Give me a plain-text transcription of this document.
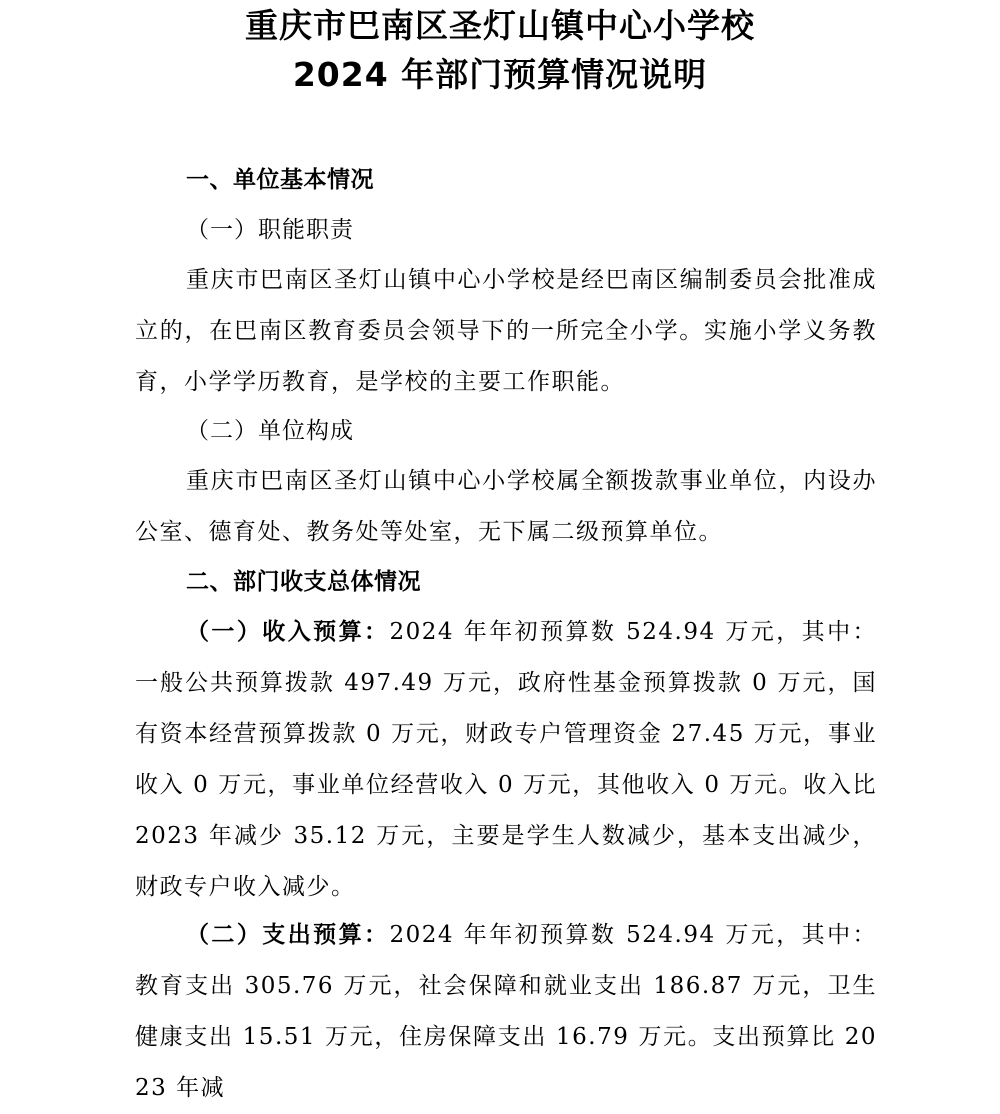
重庆市巴南区圣灯山镇中心小学校
2024 年部门预算情况说明
一、单位基本情况
（一）职能职责
重庆市巴南区圣灯山镇中心小学校是经巴南区编制委员会批准成立的，在巴南区教育委员会领导下的一所完全小学。实施小学义务教育，小学学历教育，是学校的主要工作职能。
（二）单位构成
重庆市巴南区圣灯山镇中心小学校属全额拨款事业单位，内设办公室、德育处、教务处等处室，无下属二级预算单位。
二、部门收支总体情况
（一）收入预算：2024 年年初预算数 524.94 万元，其中：一般公共预算拨款 497.49 万元，政府性基金预算拨款 0 万元，国有资本经营预算拨款 0 万元，财政专户管理资金 27.45 万元，事业收入 0 万元，事业单位经营收入 0 万元，其他收入 0 万元。收入比 2023 年减少 35.12 万元，主要是学生人数减少，基本支出减少，财政专户收入减少。
（二）支出预算：2024 年年初预算数 524.94 万元，其中：教育支出 305.76 万元，社会保障和就业支出 186.87 万元，卫生健康支出 15.51 万元，住房保障支出 16.79 万元。支出预算比 2023 年减
